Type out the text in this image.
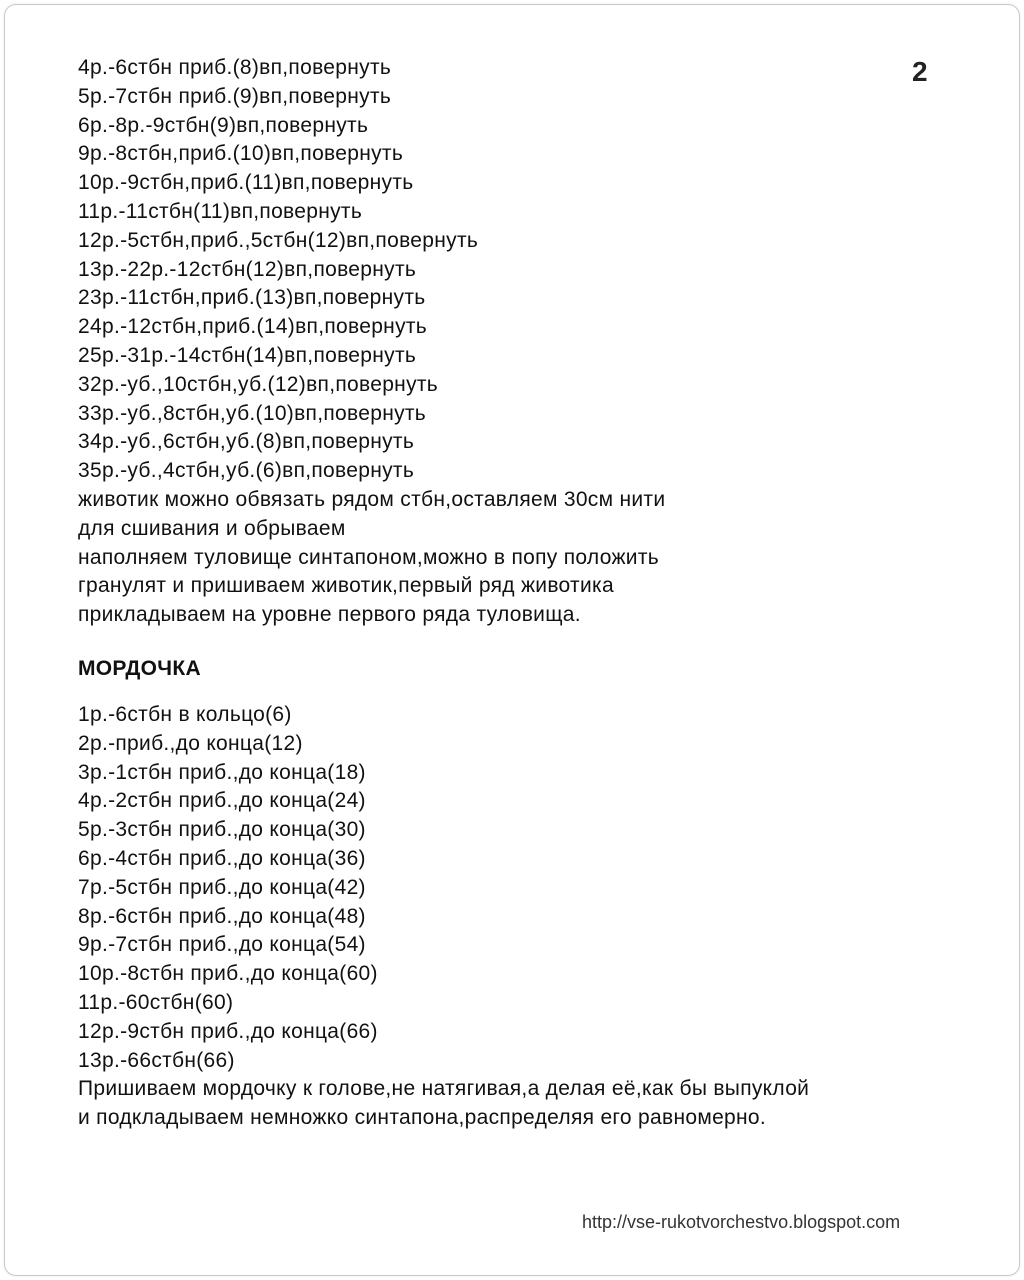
2
4р.-6стбн приб.(8)вп,повернуть
5р.-7стбн приб.(9)вп,повернуть
6р.-8р.-9стбн(9)вп,повернуть
9р.-8стбн,приб.(10)вп,повернуть
10р.-9стбн,приб.(11)вп,повернуть
11р.-11стбн(11)вп,повернуть
12р.-5стбн,приб.,5стбн(12)вп,повернуть
13р.-22р.-12стбн(12)вп,повернуть
23р.-11стбн,приб.(13)вп,повернуть
24р.-12стбн,приб.(14)вп,повернуть
25р.-31р.-14стбн(14)вп,повернуть
32р.-уб.,10стбн,уб.(12)вп,повернуть
33р.-уб.,8стбн,уб.(10)вп,повернуть
34р.-уб.,6стбн,уб.(8)вп,повернуть
35р.-уб.,4стбн,уб.(6)вп,повернуть
животик можно обвязать рядом стбн,оставляем 30см нити
для сшивания и обрываем
наполняем туловище синтапоном,можно в попу положить
гранулят и пришиваем животик,первый ряд животика
прикладываем на уровне первого ряда туловища.
МОРДОЧКА
1р.-6стбн в кольцо(6)
2р.-приб.,до конца(12)
3р.-1стбн приб.,до конца(18)
4р.-2стбн приб.,до конца(24)
5р.-3стбн приб.,до конца(30)
6р.-4стбн приб.,до конца(36)
7р.-5стбн приб.,до конца(42)
8р.-6стбн приб.,до конца(48)
9р.-7стбн приб.,до конца(54)
10р.-8стбн приб.,до конца(60)
11р.-60стбн(60)
12р.-9стбн приб.,до конца(66)
13р.-66стбн(66)
Пришиваем мордочку к голове,не натягивая,а делая её,как бы выпуклой
и подкладываем немножко синтапона,распределяя его равномерно.
http://vse-rukotvorchestvo.blogspot.com
